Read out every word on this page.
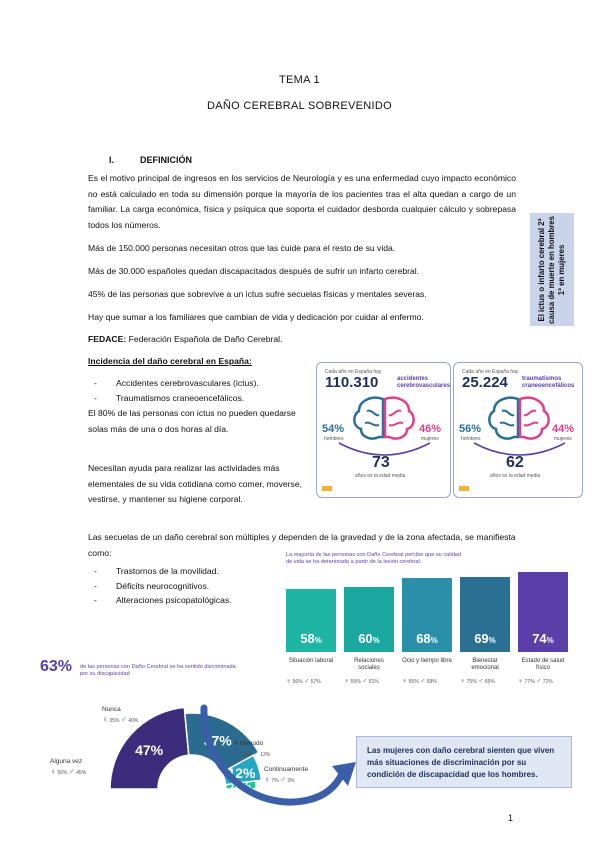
TEMA 1
DAÑO CEREBRAL SOBREVENIDO
I.	DEFINICIÓN
Es el motivo principal de ingresos en los servicios de Neurología y es una enfermedad cuyo impacto económico no está calculado en toda su dimensión porque la mayoría de los pacientes tras el alta quedan a cargo de un familiar. La carga económica, física y psíquica que soporta el cuidador desborda cualquier cálculo y sobrepasa todos los números.
Más de 150.000 personas necesitan otros que las cuide para el resto de su vida.
Más de 30.000 españoles quedan discapacitados después de sufrir un infarto cerebral.
45% de las personas que sobrevive a un ictus sufre secuelas físicas y mentales severas.
Hay que sumar a los familiares que cambian de vida y dedicación por cuidar al enfermo.
FEDACE: Federación Española de Daño Cerebral.
El ictus o infarto cerebral 2ª causa de muerte en hombres 1ª en mujeres
Incidencia del daño cerebral en España:
- Accidentes cerebrovasculares (ictus).
- Traumatismos craneoencefálicos.
El 80% de las personas con ictus no pueden quedarse solas más de una o dos horas al día.
Necesitan ayuda para realizar las actividades más elementales de su vida cotidiana como comer, moverse, vestirse, y mantener su higiene corporal.
Cada año en España hay
110.310	accidentes cerebrovasculares
54%
hombres
46%
mujeres
73
años es la edad media
Cada año en España hay
25.224 traumatismos craneoencefálicos
56%
hombres
44%
mujeres
62
años es la edad media
Las secuelas de un daño cerebral son múltiples y dependen de la gravedad y de la zona afectada, se manifiesta como:
- Trastornos de la movilidad.
- Déficits neurocognitivos.
- Alteraciones psicopatológicas.
La mayoría de las personas con Daño Cerebral percibe que su calidad de vida se ha deteriorado a partir de la lesión cerebral:
58%
Situación laboral
♀ 56% ♂ 57%
60%
Relaciones sociales
♀ 59% ♂ 61%
68%
Ocio y tiempo libre
♀ 65% ♂ 69%
69%
Bienestar emocional
♀ 75% ♂ 65%
74%
Estado de salud físico
♀ 77% ♂ 72%
63% de las personas con Daño Cerebral se ha sentido discriminada por su discapacidad
47%
37%
12%
4%
Alguna vez
♀ 50% ♂ 45%
Nunca
♀ 35% ♂ 40%
A menudo
♀ 13% ♂ 13%
Continuamente
♀ 7% ♂ 3%

Las mujeres con daño cerebral sienten que viven más situaciones de discriminación por su condición de discapacidad que los hombres.

1
